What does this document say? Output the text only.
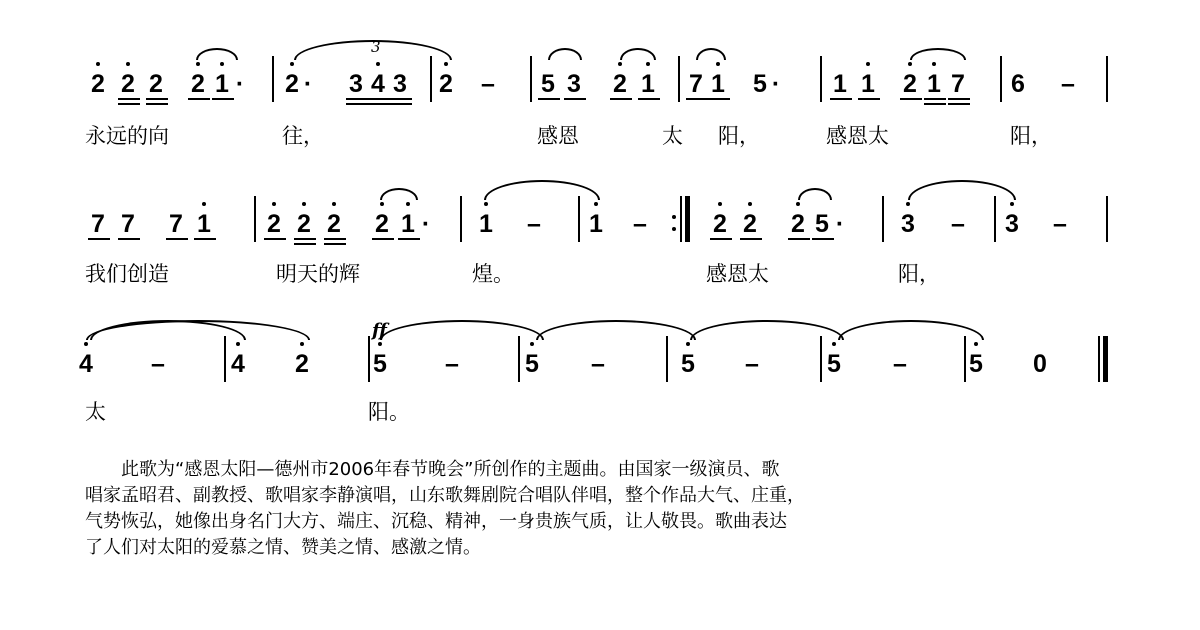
3
ff
2 2 2 2 1 · 2 · 3 4 3 2 – 5 3 2 1 7 1 5 · 1 1 2 1 7 6 –
永远的向	往，	感恩	太 阳，	感恩太	阳，
7 7 7 1 2 2 2 2 1 · 1 – 1 –	2 2 2 5 · 3 – 3 –
我们创造	明天的辉	煌。	感恩太	阳，
4 –	4 2	5 –	5 –	5 –	5 – 5 0
太	阳。

　　此歌为“感恩太阳—德州市2006年春节晚会”所创作的主题曲。由国家一级演员、歌
唱家孟昭君、副教授、歌唱家李静演唱，山东歌舞剧院合唱队伴唱，整个作品大气、庄重，
气势恢弘，她像出身名门大方、端庄、沉稳、精神，一身贵族气质，让人敬畏。歌曲表达
了人们对太阳的爱慕之情、赞美之情、感激之情。
